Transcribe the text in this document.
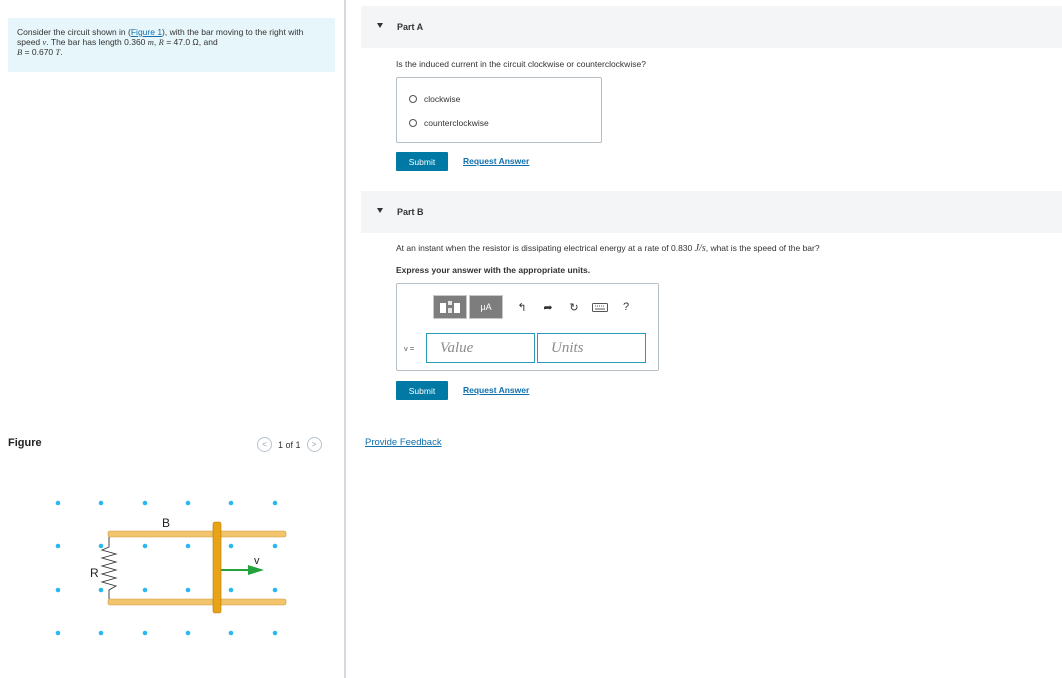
Consider the circuit shown in (Figure 1), with the bar moving to the right with speed v. The bar has length 0.360 m, R = 47.0 Ω, and
B = 0.670 T.
Figure	<	1 of 1	>
B
R
v
Part A
Is the induced current in the circuit clockwise or counterclockwise?
clockwise
counterclockwise
Submit	Request Answer
Part B
At an instant when the resistor is dissipating electrical energy at a rate of 0.830 J/s, what is the speed of the bar?
Express your answer with the appropriate units.
μA	↰	➦	↻	?
v =	Value	Units
Submit	Request Answer
Provide Feedback
